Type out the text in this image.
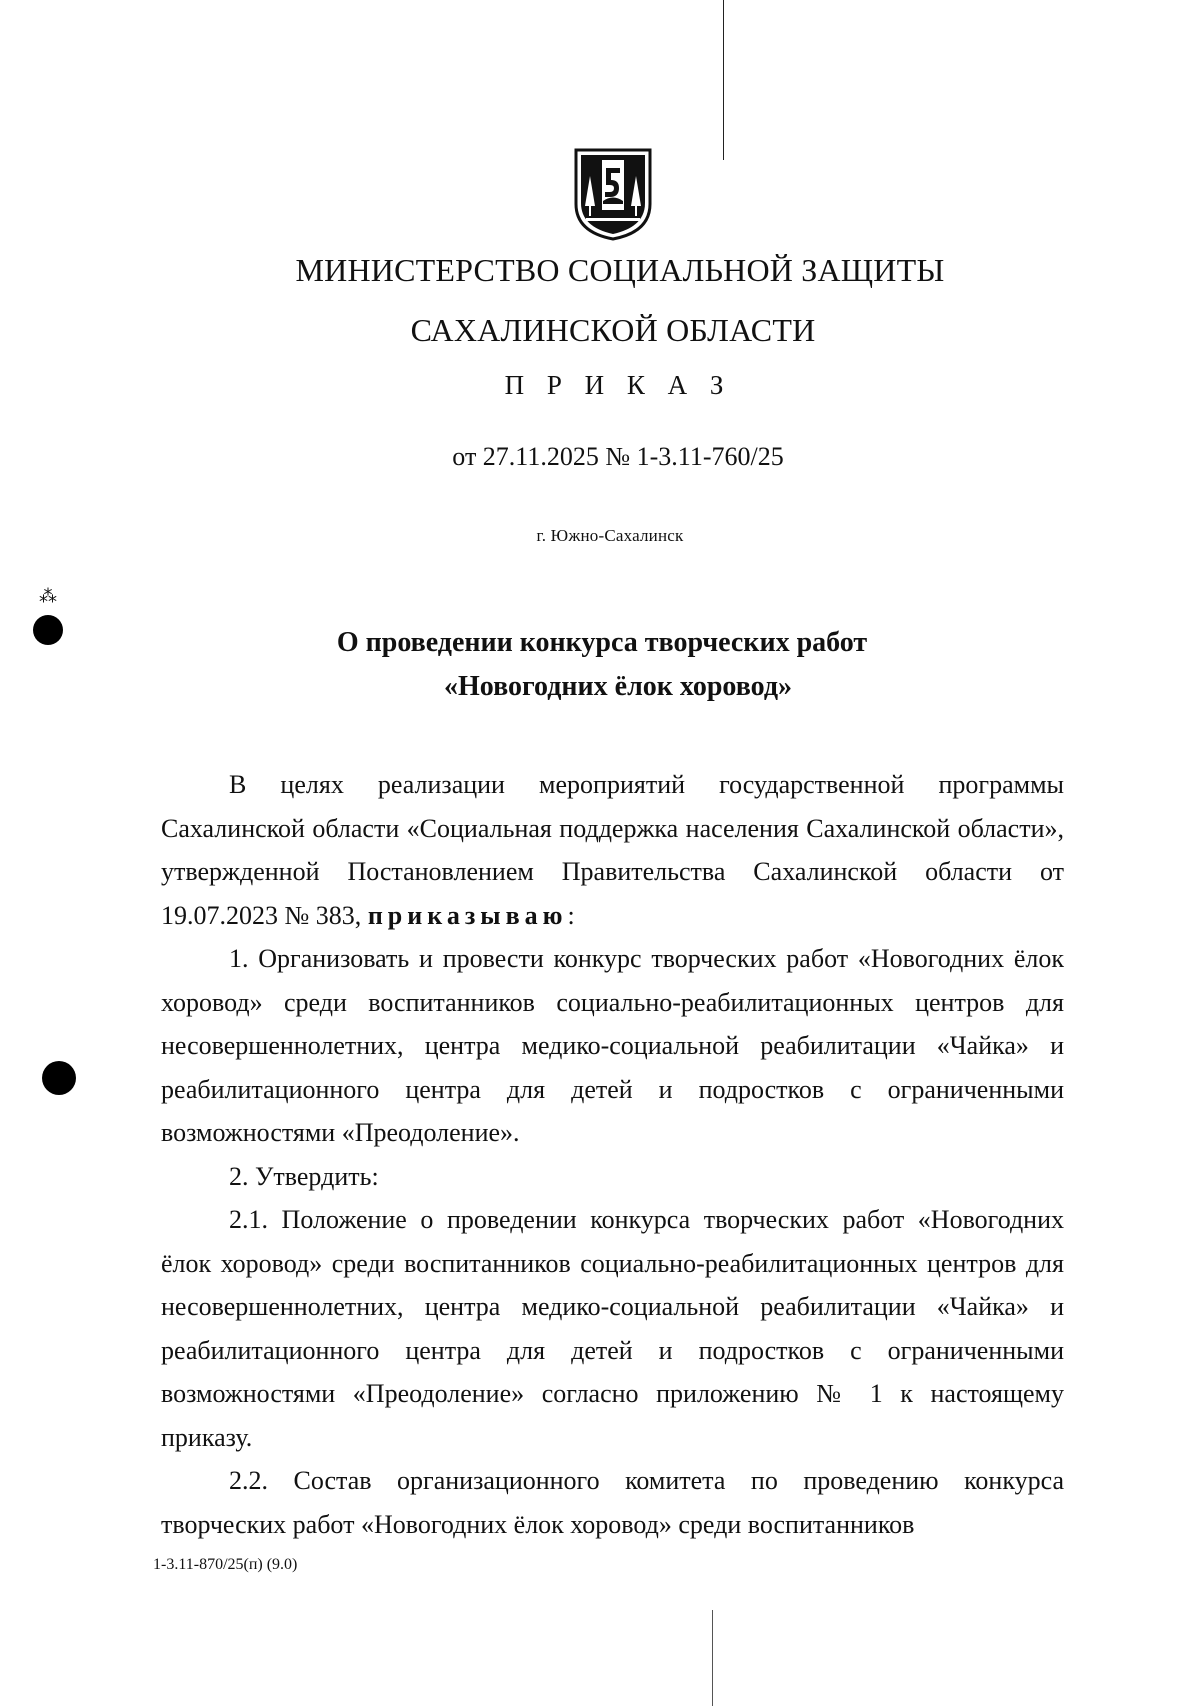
МИНИСТЕРСТВО СОЦИАЛЬНОЙ ЗАЩИТЫ
САХАЛИНСКОЙ ОБЛАСТИ
П Р И К А З
от 27.11.2025 № 1-3.11-760/25
г. Южно-Сахалинск
О проведении конкурса творческих работ
«Новогодних ёлок хоровод»

В целях реализации мероприятий государственной программы Сахалинской области «Социальная поддержка населения Сахалинской области», утвержденной Постановлением Правительства Сахалинской области от 19.07.2023 № 383, приказываю:

1. Организовать и провести конкурс творческих работ «Новогодних ёлок хоровод» среди воспитанников социально-реабилитационных центров для несовершеннолетних, центра медико-социальной реабилитации «Чайка» и реабилитационного центра для детей и подростков с ограниченными возможностями «Преодоление».

2. Утвердить:

2.1. Положение о проведении конкурса творческих работ «Новогодних ёлок хоровод» среди воспитанников социально-реабилитационных центров для несовершеннолетних, центра медико-социальной реабилитации «Чайка» и реабилитационного центра для детей и подростков с ограниченными возможностями «Преодоление» согласно приложению № 1 к настоящему приказу.

2.2. Состав организационного комитета по проведению конкурса творческих работ «Новогодних ёлок хоровод» среди воспитанников

1-3.11-870/25(п) (9.0)
⁂
